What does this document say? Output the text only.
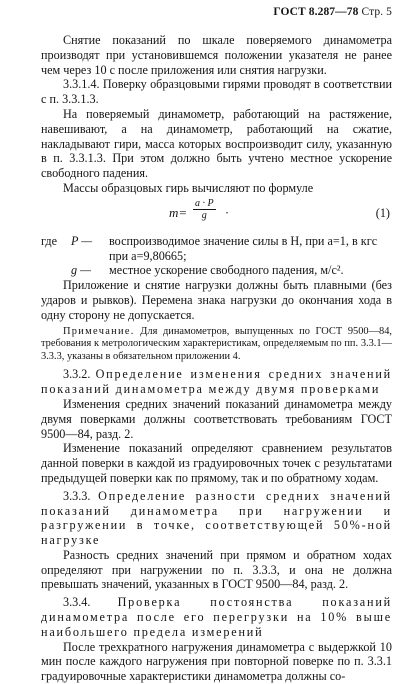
ГОСТ 8.287—78 Стр. 5

Снятие показаний по шкале поверяемого динамометра производят при установившемся положении указателя не ранее чем через 10 с после приложения или снятия нагрузки.

3.3.1.4. Поверку образцовыми гирями проводят в соответствии с п. 3.3.1.3.

На поверяемый динамометр, работающий на растяжение, навешивают, а на динамометр, работающий на сжатие, накладывают гири, масса которых воспроизводит силу, указанную в п. 3.3.1.3. При этом должно быть учтено местное ускорение свободного падения.

Массы образцовых гирь вычисляют по формуле

$m= \frac{a \cdot P}{g}$ ·	(1)
где	P —	воспроизводимое значение силы в Н, при a=1, в кгс

при a=9,80665;

g —	местное ускорение свободного падения, м/с².

Приложение и снятие нагрузки должны быть плавными (без ударов и рывков). Перемена знака нагрузки до окончания хода в одну сторону не допускается.

Примечание. Для динамометров, выпущенных по ГОСТ 9500—84, требования к метрологическим характеристикам, определяемым по пп. 3.3.1—3.3.3, указаны в обязательном приложении 4.

3.3.2. Определение изменения средних значений показаний динамометра между двумя проверками

Изменения средних значений показаний динамометра между двумя поверками должны соответствовать требованиям ГОСТ 9500—84, разд. 2.

Изменение показаний определяют сравнением результатов данной поверки в каждой из градуировочных точек с результатами предыдущей поверки как по прямому, так и по обратному ходам.

3.3.3. Определение разности средних значений показаний динамометра при нагружении и разгружении в точке, соответствующей 50%-ной нагрузке

Разность средних значений при прямом и обратном ходах определяют при нагружении по п. 3.3.3, и она не должна превышать значений, указанных в ГОСТ 9500—84, разд. 2.

3.3.4. Проверка постоянства показаний динамометра после его перегрузки на 10% выше наибольшего предела измерений

После трехкратного нагружения динамометра с выдержкой 10 мин после каждого нагружения при повторной поверке по п. 3.3.1 градуировочные характеристики динамометра должны со-
